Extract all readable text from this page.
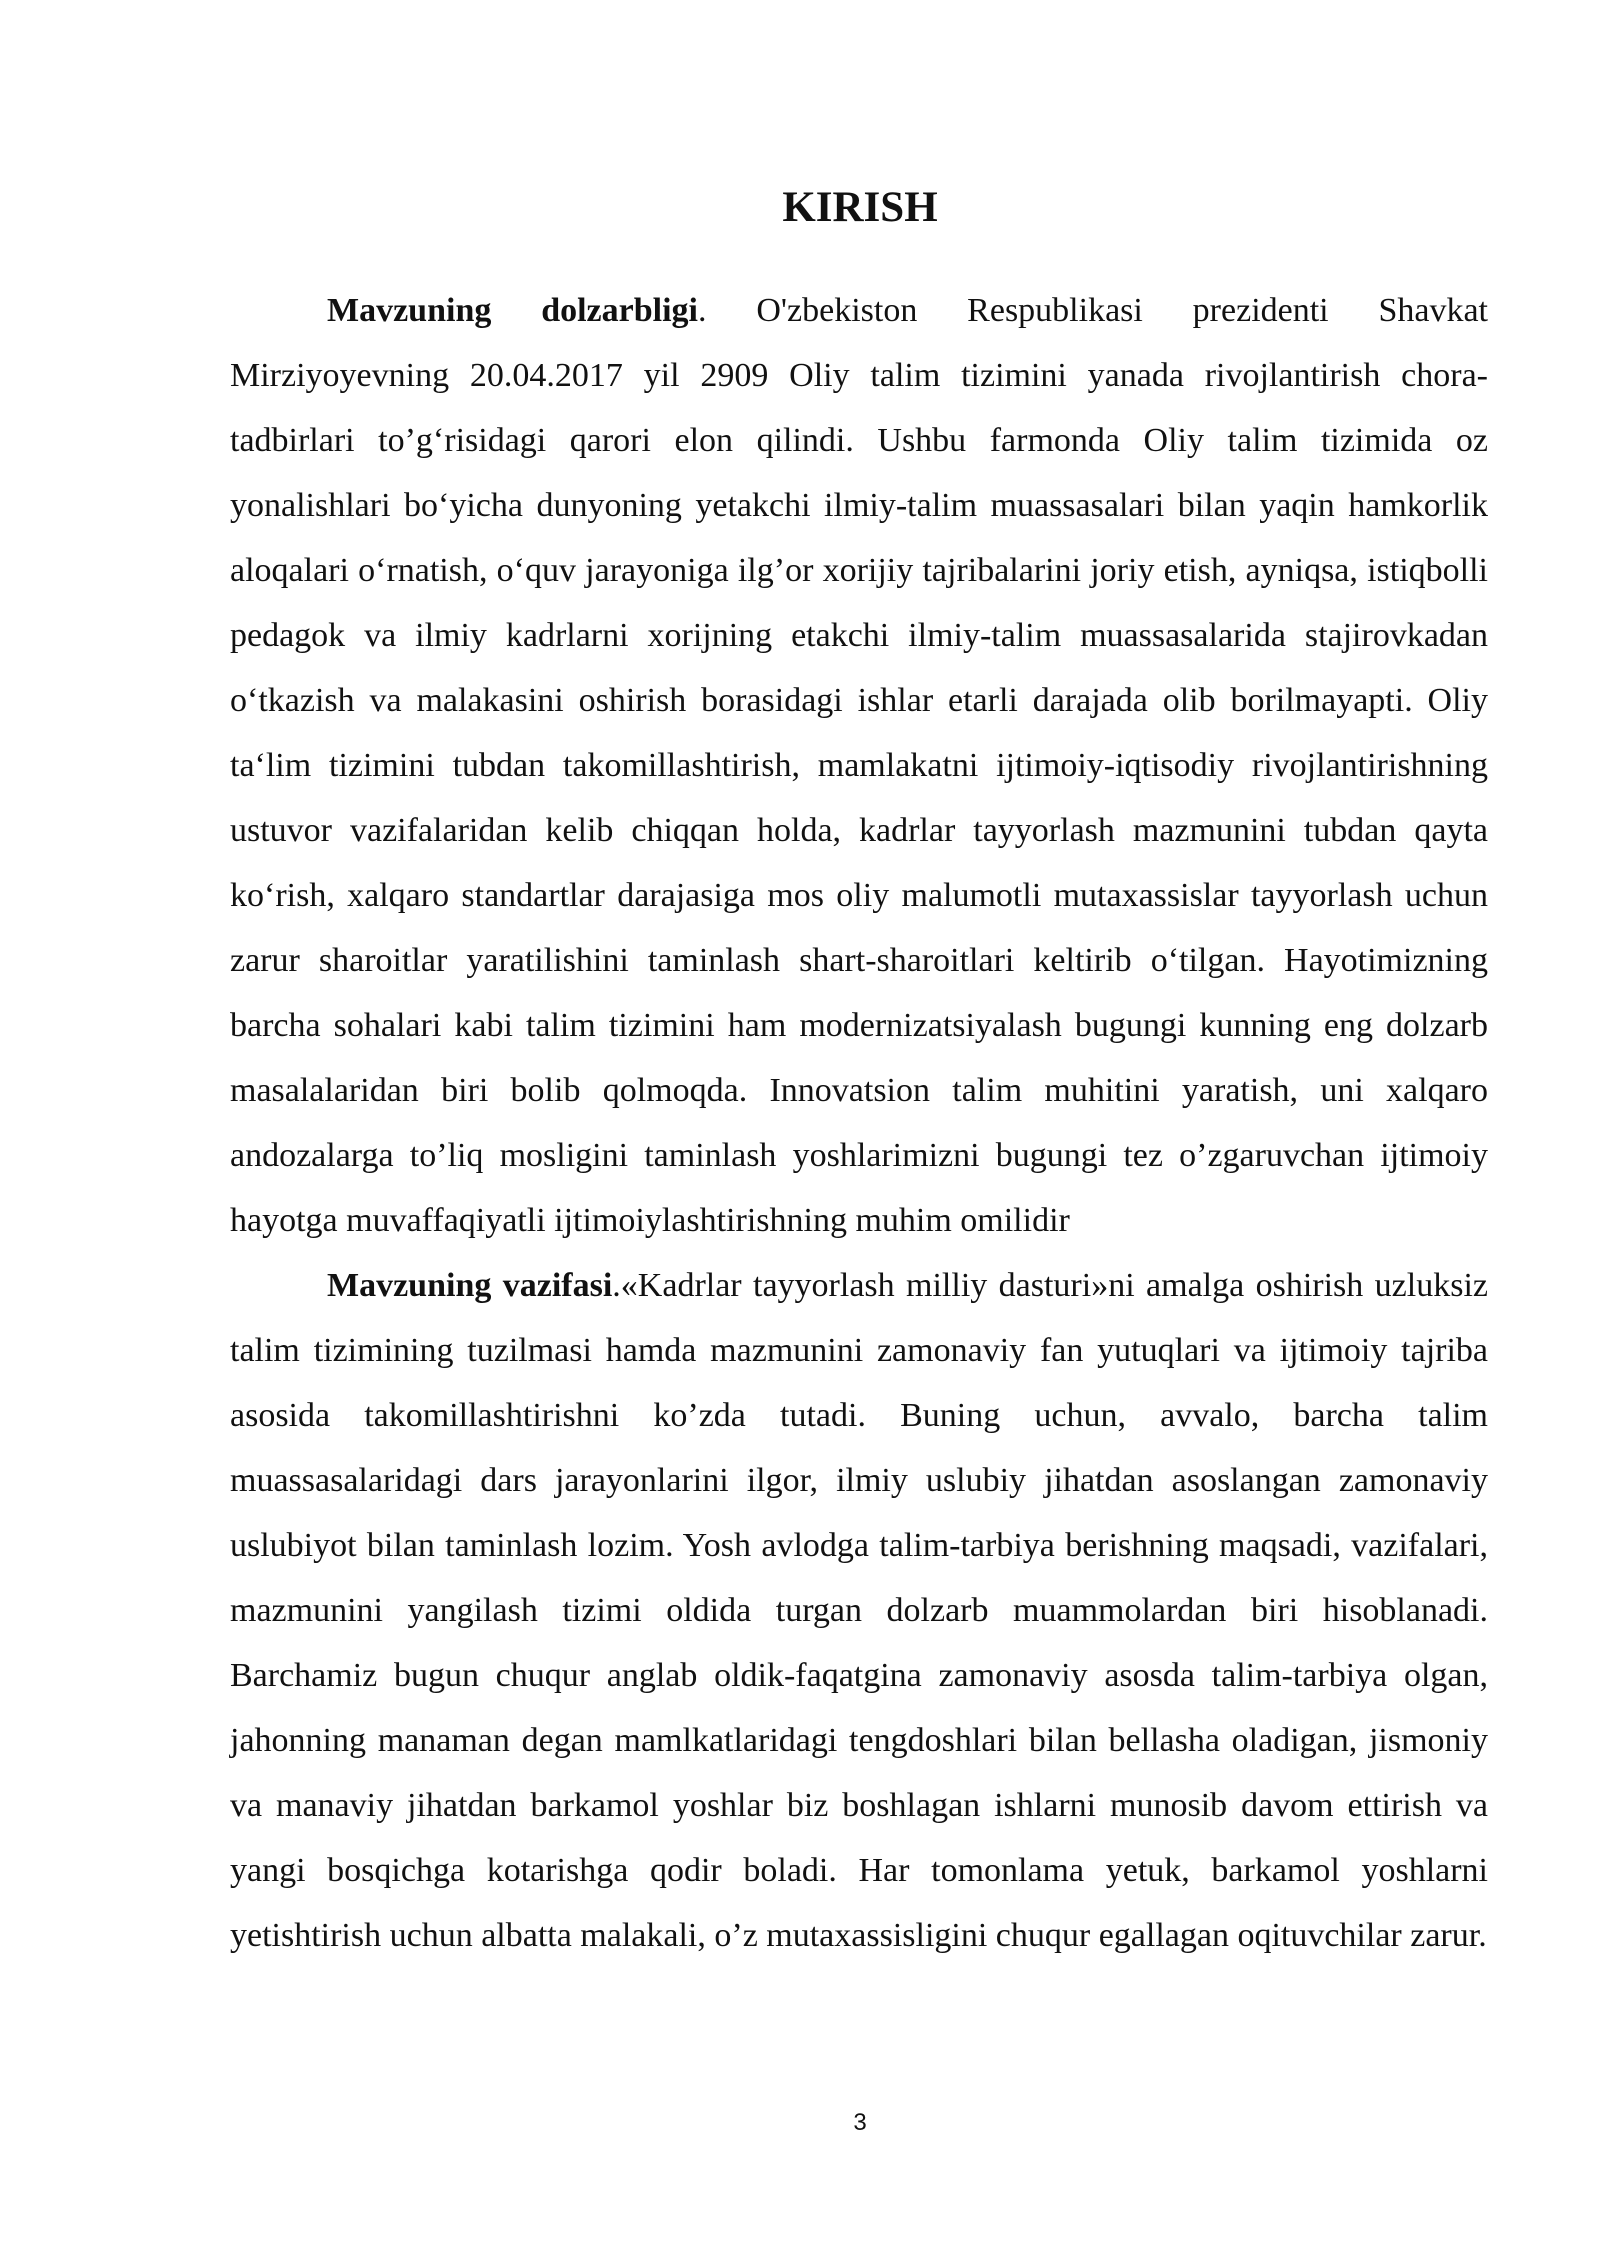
KIRISH

Mavzuning dolzarbligi. O'zbekiston Respublikasi prezidenti Shavkat Mirziyoyevning 20.04.2017 yil 2909 Oliy talim tizimini yanada rivojlantirish chora-tadbirlari to’g‘risidagi qarori elon qilindi. Ushbu farmonda Oliy talim tizimida oz yonalishlari bo‘yicha dunyoning yetakchi ilmiy-talim muassasalari bilan yaqin hamkorlik aloqalari o‘rnatish, o‘quv jarayoniga ilg’or xorijiy tajribalarini joriy etish, ayniqsa, istiqbolli pedagok va ilmiy kadrlarni xorijning etakchi ilmiy-talim muassasalarida stajirovkadan o‘tkazish va malakasini oshirish borasidagi ishlar etarli darajada olib borilmayapti. Oliy ta‘lim tizimini tubdan takomillashtirish, mamlakatni ijtimoiy-iqtisodiy rivojlantirishning ustuvor vazifalaridan kelib chiqqan holda, kadrlar tayyorlash mazmunini tubdan qayta ko‘rish, xalqaro standartlar darajasiga mos oliy malumotli mutaxassislar tayyorlash uchun zarur sharoitlar yaratilishini taminlash shart-sharoitlari keltirib o‘tilgan. Hayotimizning barcha sohalari kabi talim tizimini ham modernizatsiyalash bugungi kunning eng dolzarb masalalaridan biri bolib qolmoqda. Innovatsion talim muhitini yaratish, uni xalqaro andozalarga to’liq mosligini taminlash yoshlarimizni bugungi tez o’zgaruvchan ijtimoiy hayotga muvaffaqiyatli ijtimoiylashtirishning muhim omilidir

Mavzuning vazifasi.«Kadrlar tayyorlash milliy dasturi»ni amalga oshirish uzluksiz talim tizimining tuzilmasi hamda mazmunini zamonaviy fan yutuqlari va ijtimoiy tajriba asosida takomillashtirishni ko’zda tutadi. Buning uchun, avvalo, barcha talim muassasalaridagi dars jarayonlarini ilgor, ilmiy uslubiy jihatdan asoslangan zamonaviy uslubiyot bilan taminlash lozim. Yosh avlodga talim-tarbiya berishning maqsadi, vazifalari, mazmunini yangilash tizimi oldida turgan dolzarb muammolardan biri hisoblanadi. Barchamiz bugun chuqur anglab oldik-faqatgina zamonaviy asosda talim-tarbiya olgan, jahonning manaman degan mamlkatlaridagi tengdoshlari bilan bellasha oladigan, jismoniy va manaviy jihatdan barkamol yoshlar biz boshlagan ishlarni munosib davom ettirish va yangi bosqichga kotarishga qodir boladi. Har tomonlama yetuk, barkamol yoshlarni yetishtirish uchun albatta malakali, o’z mutaxassisligini chuqur egallagan oqituvchilar zarur.

3
